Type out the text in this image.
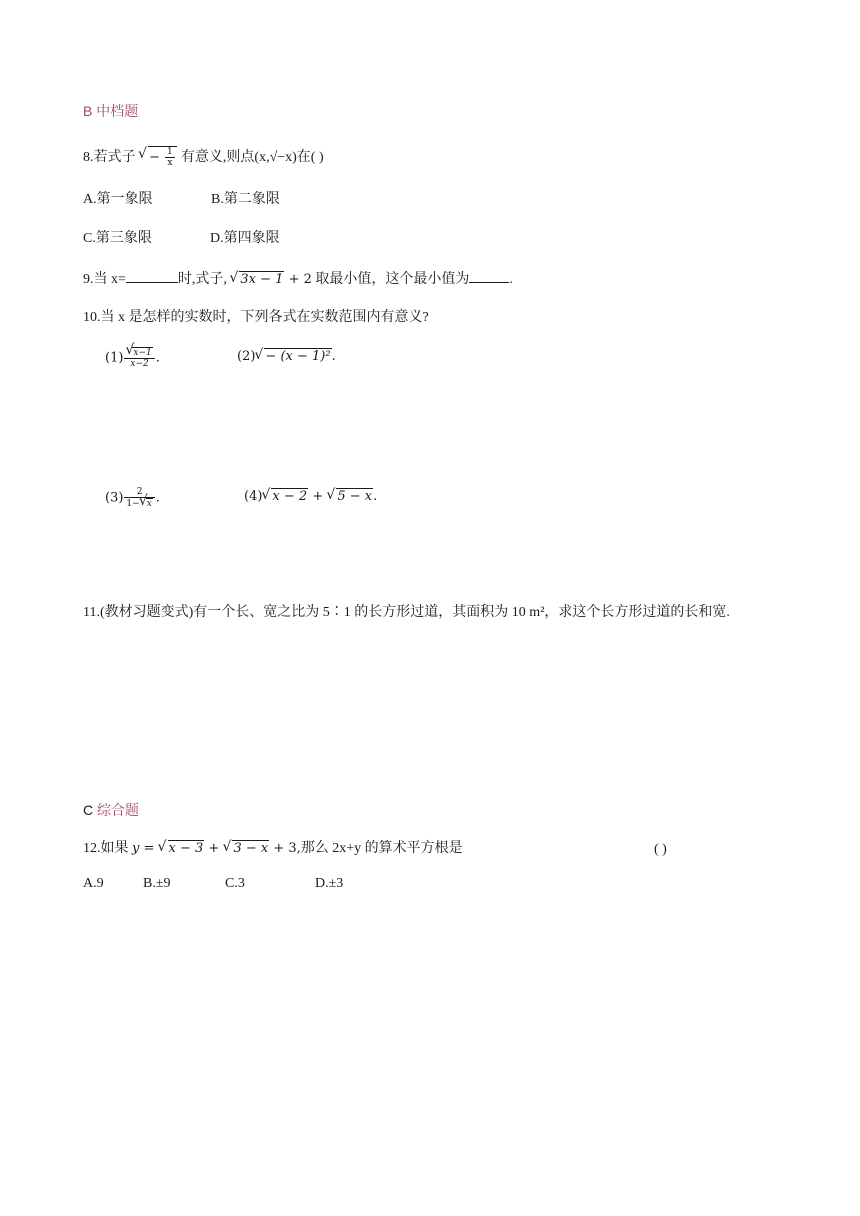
B 中档题
8.若式子 √ − $\frac{1}{x}$ 有意义,则点(x,√−x)在( )
A.第一象限	B.第二象限
C.第三象限	D.第四象限
9.当 x=	时,式子, √ 3x − 1 + 2 取最小值，这个最小值为	.
10.当 x 是怎样的实数时，下列各式在实数范围内有意义?
(1) √ $\frac{x-1}{x-2}$ .	(2) √ − (x − 1)².
$(3) \frac{2}{1- √ x}$ .	(4) √ x − 2 + √ 5 − x.
11.(教材习题变式)有一个长、宽之比为 5∶1 的长方形过道，其面积为 10 m²，求这个长方形过道的长和宽.
C 综合题
12.如果 y = √ x − 3 + √ 3 − x + 3,那么 2x+y 的算术平方根是	( )
A.9	B.±9	C.3	D.±3
